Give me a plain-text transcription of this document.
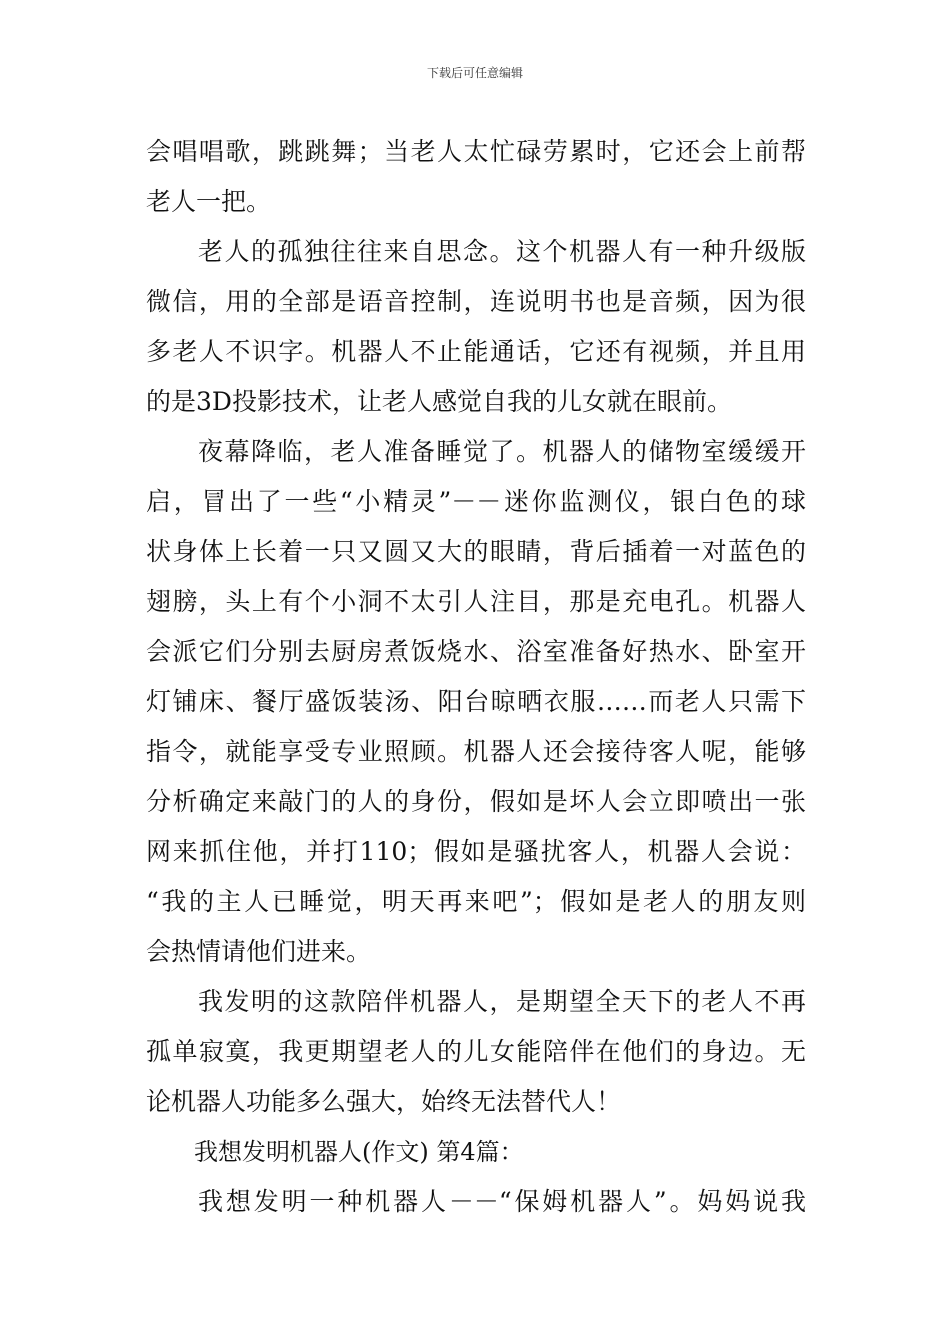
下载后可任意编辑
会唱唱歌，跳跳舞；当老人太忙碌劳累时，它还会上前帮
老人一把。
老人的孤独往往来自思念。这个机器人有一种升级版
微信，用的全部是语音控制，连说明书也是音频，因为很
多老人不识字。机器人不止能通话，它还有视频，并且用
的是3D投影技术，让老人感觉自我的儿女就在眼前。
夜幕降临，老人准备睡觉了。机器人的储物室缓缓开
启，冒出了一些“小精灵”－－迷你监测仪，银白色的球
状身体上长着一只又圆又大的眼睛，背后插着一对蓝色的
翅膀，头上有个小洞不太引人注目，那是充电孔。机器人
会派它们分别去厨房煮饭烧水、浴室准备好热水、卧室开
灯铺床、餐厅盛饭装汤、阳台晾晒衣服……而老人只需下
指令，就能享受专业照顾。机器人还会接待客人呢，能够
分析确定来敲门的人的身份，假如是坏人会立即喷出一张
网来抓住他，并打110；假如是骚扰客人，机器人会说：
“我的主人已睡觉，明天再来吧”；假如是老人的朋友则
会热情请他们进来。
我发明的这款陪伴机器人，是期望全天下的老人不再
孤单寂寞，我更期望老人的儿女能陪伴在他们的身边。无
论机器人功能多么强大，始终无法替代人！
我想发明机器人(作文) 第4篇：
我想发明一种机器人－－“保姆机器人”。妈妈说我
